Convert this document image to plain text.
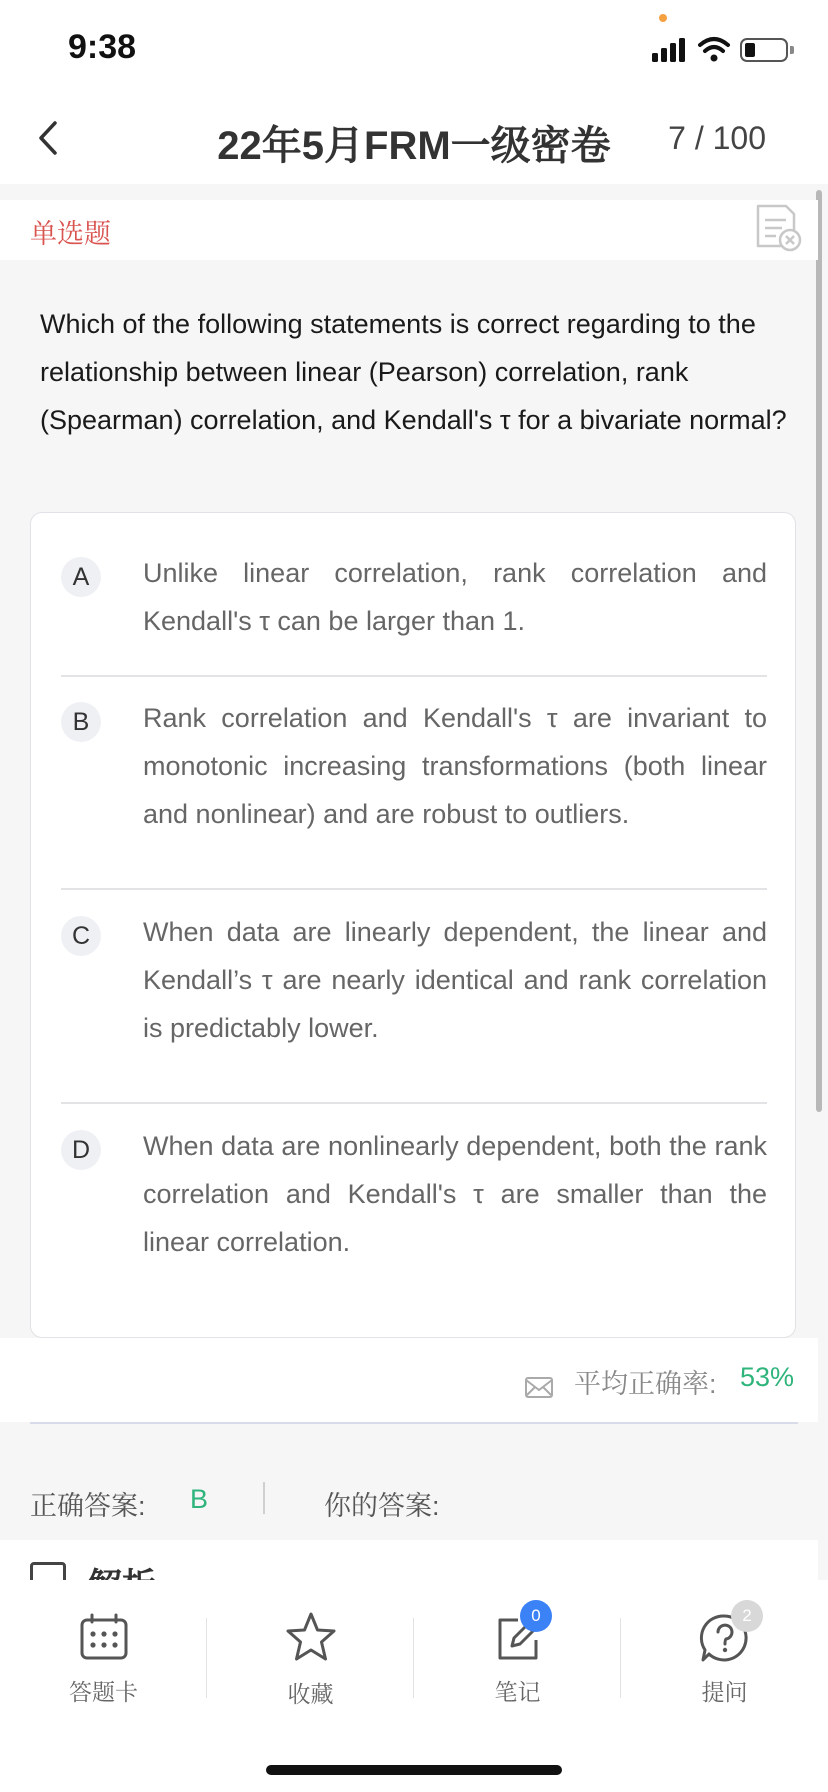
9:38
22年5月FRM一级密卷	7 / 100
单选题
Which of the following statements is correct regarding to the relationship between linear (Pearson) correlation, rank (Spearman) correlation, and Kendall's τ for a bivariate normal?
A	Unlike linear correlation, rank correlation and Kendall's τ can be larger than 1.
B	Rank correlation and Kendall's τ are invariant to monotonic increasing transformations (both linear and nonlinear) and are robust to outliers.
C	When data are linearly dependent, the linear and Kendall’s τ are nearly identical and rank correlation is predictably lower.
D	When data are nonlinearly dependent, both the rank correlation and Kendall's τ are smaller than the linear correlation.
平均正确率: 53%
正确答案: B	你的答案:
答题卡	收藏
0
笔记
2
提问
